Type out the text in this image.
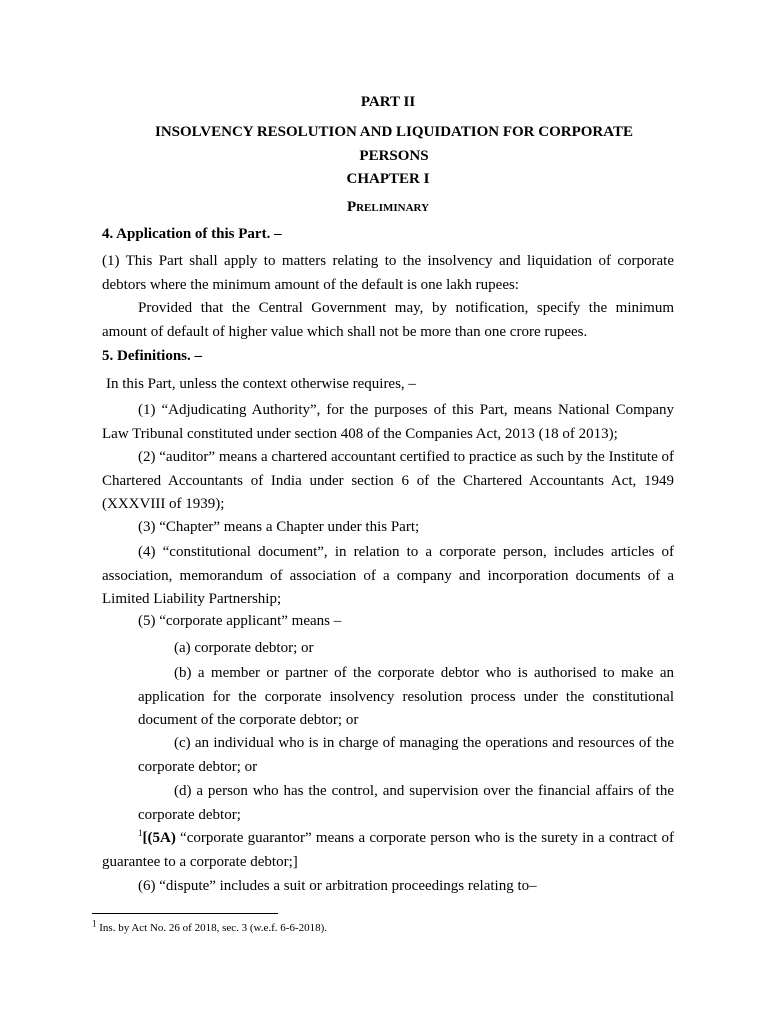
PART II
INSOLVENCY RESOLUTION AND LIQUIDATION FOR CORPORATE PERSONS
CHAPTER I
Preliminary
4. Application of this Part. –
(1) This Part shall apply to matters relating to the insolvency and liquidation of corporate debtors where the minimum amount of the default is one lakh rupees:
Provided that the Central Government may, by notification, specify the minimum amount of default of higher value which shall not be more than one crore rupees.
5. Definitions. –
In this Part, unless the context otherwise requires, –
(1) “Adjudicating Authority”, for the purposes of this Part, means National Company Law Tribunal constituted under section 408 of the Companies Act, 2013 (18 of 2013);
(2) “auditor” means a chartered accountant certified to practice as such by the Institute of Chartered Accountants of India under section 6 of the Chartered Accountants Act, 1949 (XXXVIII of 1939);
(3) “Chapter” means a Chapter under this Part;
(4) “constitutional document”, in relation to a corporate person, includes articles of association, memorandum of association of a company and incorporation documents of a Limited Liability Partnership;
(5) “corporate applicant” means –
(a) corporate debtor; or
(b) a member or partner of the corporate debtor who is authorised to make an application for the corporate insolvency resolution process under the constitutional document of the corporate debtor; or
(c) an individual who is in charge of managing the operations and resources of the corporate debtor; or
(d) a person who has the control, and supervision over the financial affairs of the corporate debtor;
$^1$[(5A) “corporate guarantor” means a corporate person who is the surety in a contract of guarantee to a corporate debtor;]
(6) “dispute” includes a suit or arbitration proceedings relating to–
$^1$ Ins. by Act No. 26 of 2018, sec. 3 (w.e.f. 6-6-2018).
